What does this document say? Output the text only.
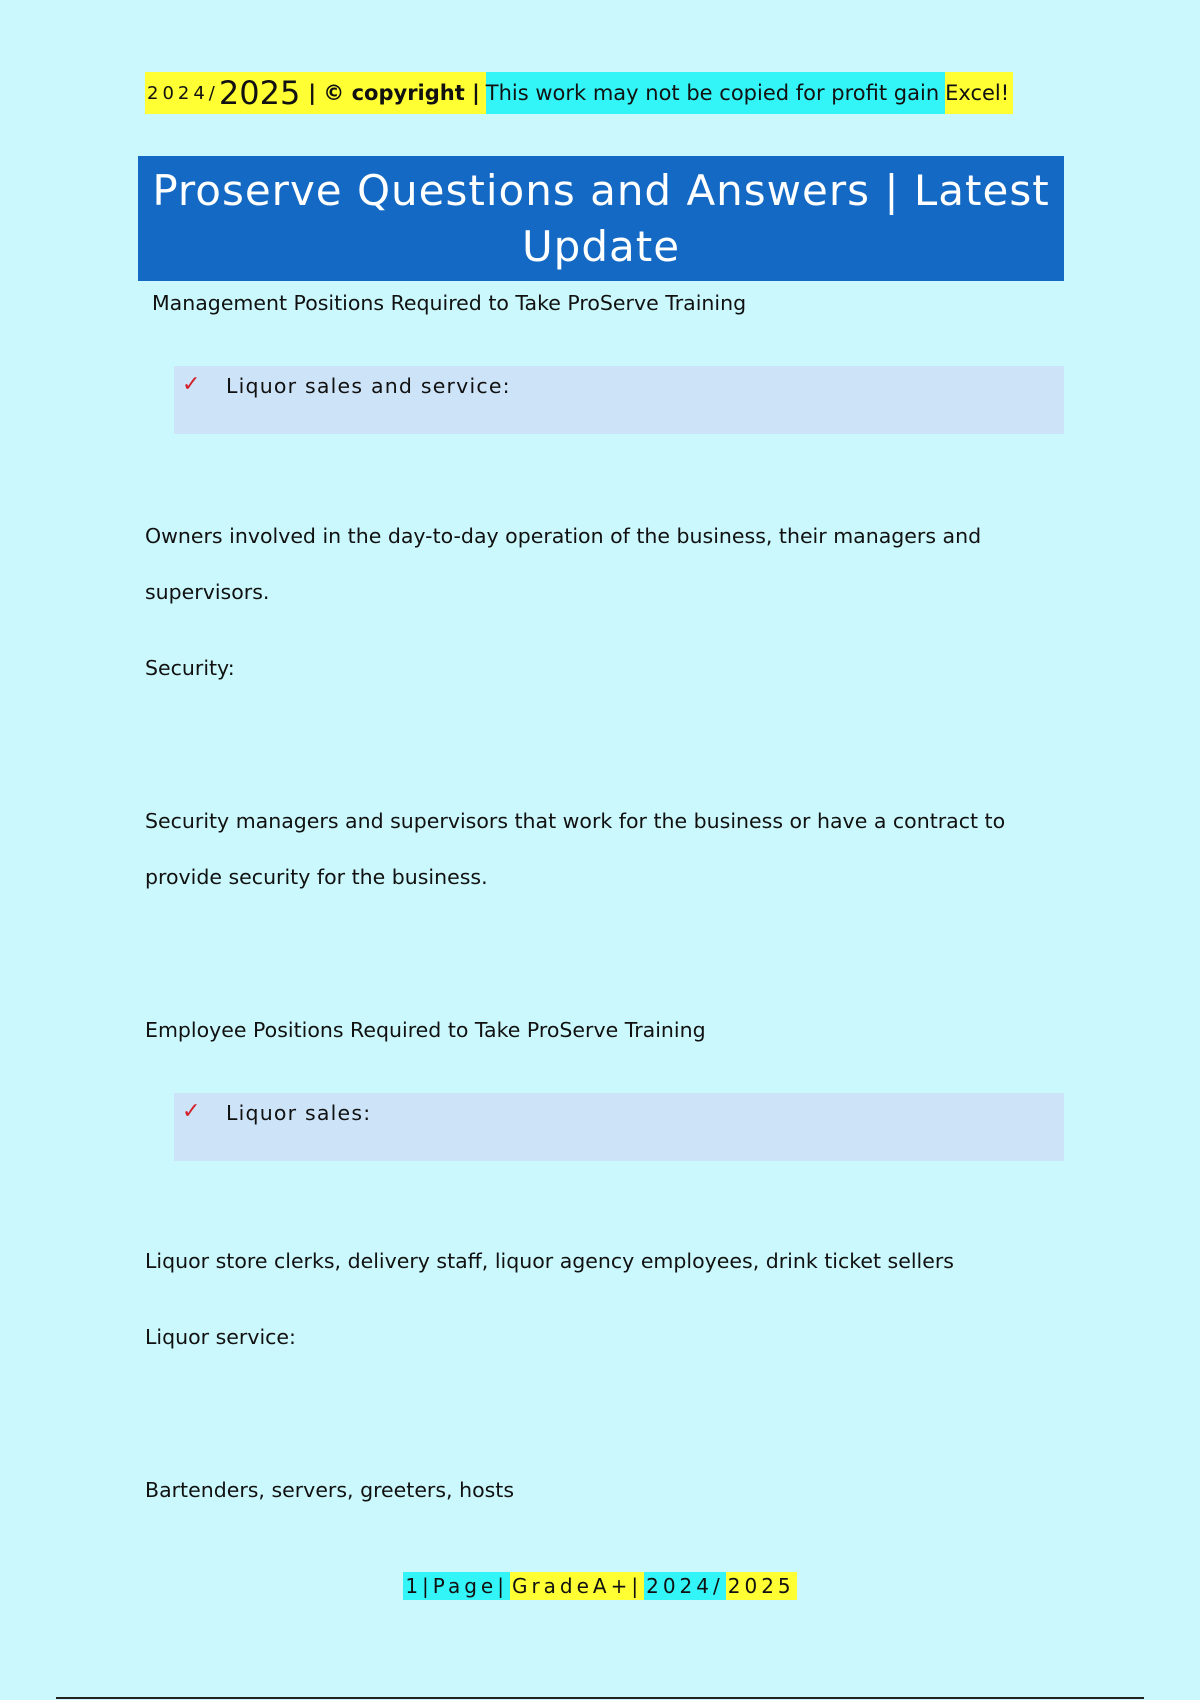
2024/ 2025 | © copyright | This work may not be copied for profit gain Excel!
Proserve Questions and Answers | Latest Update
Management Positions Required to Take ProServe Training
✓ Liquor sales and service:
Owners involved in the day-to-day operation of the business, their managers and supervisors.
Security:
Security managers and supervisors that work for the business or have a contract to provide security for the business.
Employee Positions Required to Take ProServe Training
✓ Liquor sales:
Liquor store clerks, delivery staff, liquor agency employees, drink ticket sellers
Liquor service:
Bartenders, servers, greeters, hosts
1|Page| GradeA+| 2024/ 2025
